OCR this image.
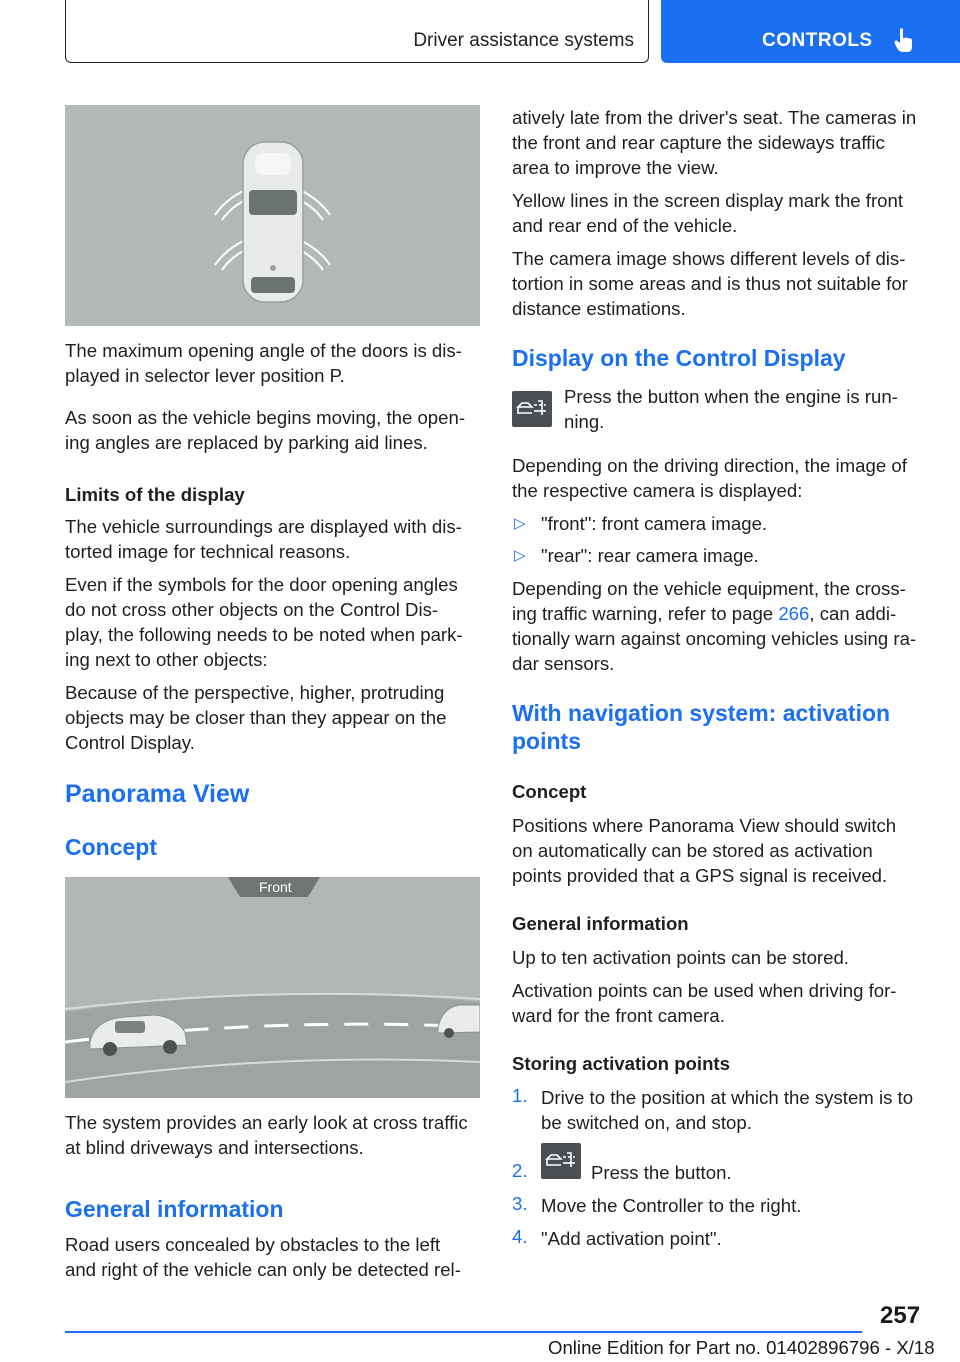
Driver assistance systems	CONTROLS

The maximum opening angle of the doors is dis-

played in selector lever position P.

As soon as the vehicle begins moving, the open-

ing angles are replaced by parking aid lines.

Limits of the display

The vehicle surroundings are displayed with dis-

torted image for technical reasons.

Even if the symbols for the door opening angles

do not cross other objects on the Control Dis-

play, the following needs to be noted when park-

ing next to other objects:

Because of the perspective, higher, protruding

objects may be closer than they appear on the

Control Display.

Panorama View

Concept

Front

The system provides an early look at cross traffic

at blind driveways and intersections.

General information

Road users concealed by obstacles to the left

and right of the vehicle can only be detected rel-

atively late from the driver's seat. The cameras in

the front and rear capture the sideways traffic

area to improve the view.

Yellow lines in the screen display mark the front

and rear end of the vehicle.

The camera image shows different levels of dis-

tortion in some areas and is thus not suitable for

distance estimations.

Display on the Control Display

Press the button when the engine is run-

ning.

Depending on the driving direction, the image of

the respective camera is displayed:

▷ "front": front camera image.

▷ "rear": rear camera image.

Depending on the vehicle equipment, the cross-

ing traffic warning, refer to page 266, can addi-

tionally warn against oncoming vehicles using ra-

dar sensors.

With navigation system: activation

points

Concept

Positions where Panorama View should switch

on automatically can be stored as activation

points provided that a GPS signal is received.

General information

Up to ten activation points can be stored.

Activation points can be used when driving for-

ward for the front camera.

Storing activation points

1. Drive to the position at which the system is to

be switched on, and stop.

2.	Press the button.

3. Move the Controller to the right.

4. "Add activation point".

257
Online Edition for Part no. 01402896796 - X/18
